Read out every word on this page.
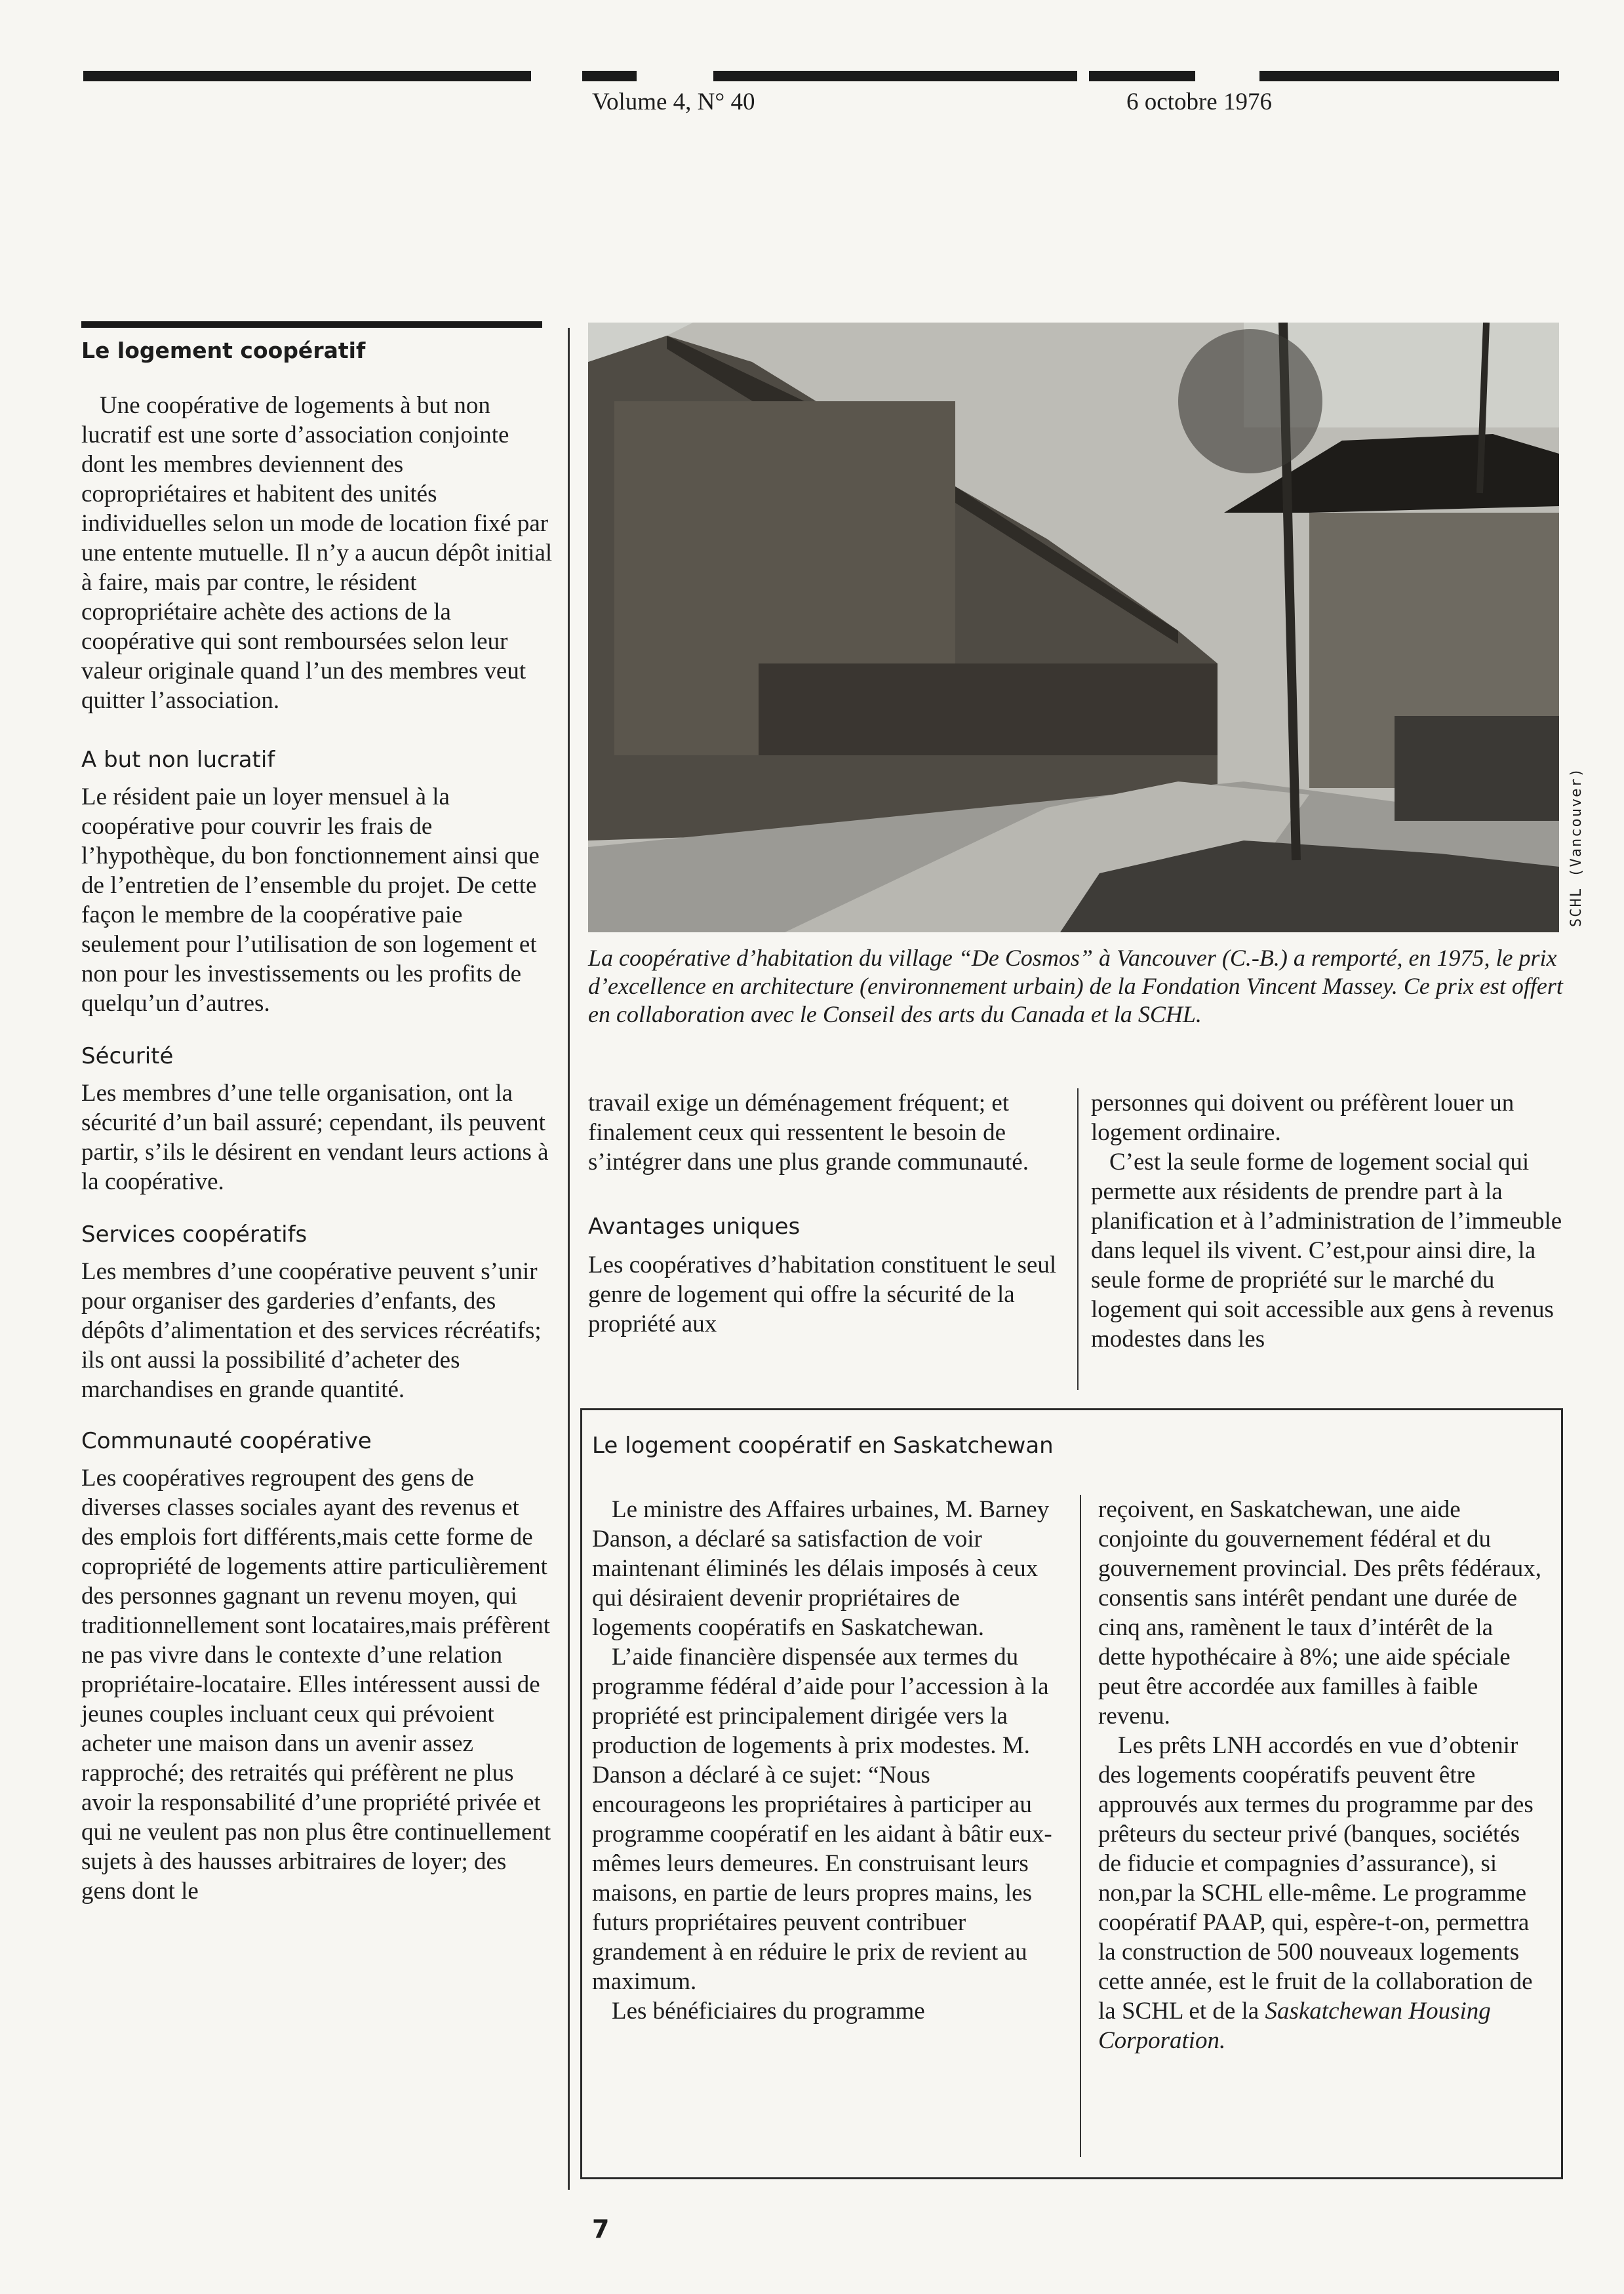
Volume 4, N° 40	6 octobre 1976
Le logement coopératif

Une coopérative de logements à but non lucratif est une sorte d’association conjointe dont les membres deviennent des copropriétaires et habitent des unités individuelles selon un mode de location fixé par une entente mutuelle. Il n’y a aucun dépôt initial à faire, mais par contre, le résident copropriétaire achète des actions de la coopérative qui sont remboursées selon leur valeur originale quand l’un des membres veut quitter l’association.

A but non lucratif

Le résident paie un loyer mensuel à la coopérative pour couvrir les frais de l’hypothèque, du bon fonctionnement ainsi que de l’entretien de l’ensemble du projet. De cette façon le membre de la coopérative paie seulement pour l’utilisation de son logement et non pour les investissements ou les profits de quelqu’un d’autres.

Sécurité

Les membres d’une telle organisation, ont la sécurité d’un bail assuré; cependant, ils peuvent partir, s’ils le désirent en vendant leurs actions à la coopérative.

Services coopératifs

Les membres d’une coopérative peuvent s’unir pour organiser des garderies d’enfants, des dépôts d’alimentation et des services récréatifs; ils ont aussi la possibilité d’acheter des marchandises en grande quantité.

Communauté coopérative

Les coopératives regroupent des gens de diverses classes sociales ayant des revenus et des emplois fort différents,mais cette forme de copropriété de logements attire particulièrement des personnes gagnant un revenu moyen, qui traditionnellement sont locataires,mais préfèrent ne pas vivre dans le contexte d’une relation propriétaire-locataire. Elles intéressent aussi de jeunes couples incluant ceux qui prévoient acheter une maison dans un avenir assez rapproché; des retraités qui préfèrent ne plus avoir la responsabilité d’une propriété privée et qui ne veulent pas non plus être continuellement sujets à des hausses arbitraires de loyer; des gens dont le

SCHL (Vancouver)

La coopérative d’habitation du village “De Cosmos” à Vancouver (C.-B.) a remporté, en 1975, le prix d’excellence en architecture (environnement urbain) de la Fondation Vincent Massey. Ce prix est offert en collaboration avec le Conseil des arts du Canada et la SCHL.

travail exige un déménagement fréquent; et finalement ceux qui ressentent le besoin de s’intégrer dans une plus grande communauté.

Avantages uniques

Les coopératives d’habitation constituent le seul genre de logement qui offre la sécurité de la propriété aux

personnes qui doivent ou préfèrent louer un logement ordinaire.

C’est la seule forme de logement social qui permette aux résidents de prendre part à la planification et à l’administration de l’immeuble dans lequel ils vivent. C’est,pour ainsi dire, la seule forme de propriété sur le marché du logement qui soit accessible aux gens à revenus modestes dans les

Le logement coopératif en Saskatchewan

Le ministre des Affaires urbaines, M. Barney Danson, a déclaré sa satisfaction de voir maintenant éliminés les délais imposés à ceux qui désiraient devenir propriétaires de logements coopératifs en Saskatchewan.

L’aide financière dispensée aux termes du programme fédéral d’aide pour l’accession à la propriété est principalement dirigée vers la production de logements à prix modestes. M. Danson a déclaré à ce sujet: “Nous encourageons les propriétaires à participer au programme coopératif en les aidant à bâtir eux-mêmes leurs demeures. En construisant leurs maisons, en partie de leurs propres mains, les futurs propriétaires peuvent contribuer grandement à en réduire le prix de revient au maximum.

Les bénéficiaires du programme

reçoivent, en Saskatchewan, une aide conjointe du gouvernement fédéral et du gouvernement provincial. Des prêts fédéraux, consentis sans intérêt pendant une durée de cinq ans, ramènent le taux d’intérêt de la dette hypothécaire à 8%; une aide spéciale peut être accordée aux familles à faible revenu.

Les prêts LNH accordés en vue d’obtenir des logements coopératifs peuvent être approuvés aux termes du programme par des prêteurs du secteur privé (banques, sociétés de fiducie et compagnies d’assurance), si non,par la SCHL elle-même. Le programme coopératif PAAP, qui, espère-t-on, permettra la construction de 500 nouveaux logements cette année, est le fruit de la collaboration de la SCHL et de la Saskatchewan Housing Corporation.

7
